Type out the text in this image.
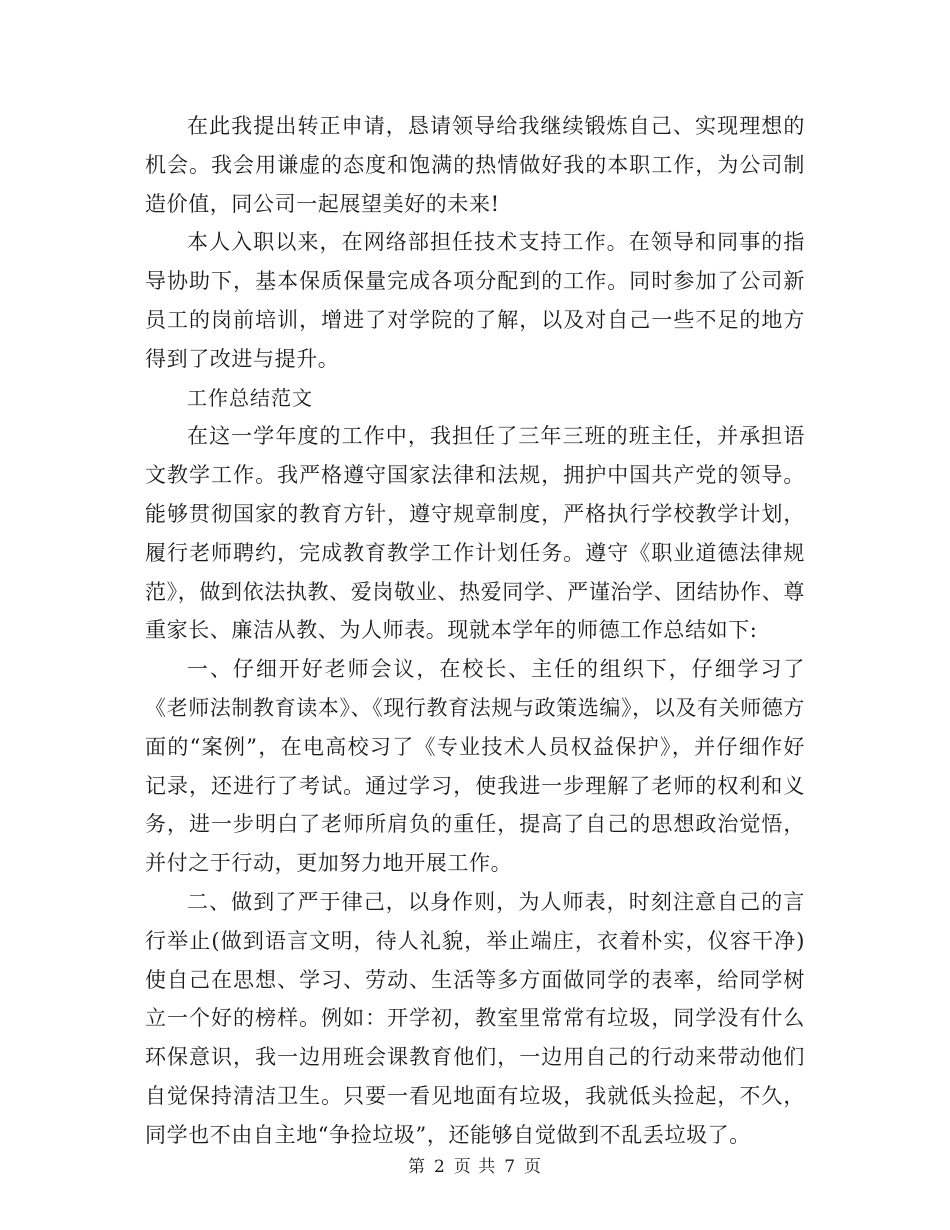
在此我提出转正申请，恳请领导给我继续锻炼自己、实现理想的机会。我会用谦虚的态度和饱满的热情做好我的本职工作，为公司制造价值，同公司一起展望美好的未来!

本人入职以来，在网络部担任技术支持工作。在领导和同事的指导协助下，基本保质保量完成各项分配到的工作。同时参加了公司新员工的岗前培训，增进了对学院的了解，以及对自己一些不足的地方得到了改进与提升。

工作总结范文

在这一学年度的工作中，我担任了三年三班的班主任，并承担语文教学工作。我严格遵守国家法律和法规，拥护中国共产党的领导。能够贯彻国家的教育方针，遵守规章制度，严格执行学校教学计划，履行老师聘约，完成教育教学工作计划任务。遵守《职业道德法律规范》，做到依法执教、爱岗敬业、热爱同学、严谨治学、团结协作、尊重家长、廉洁从教、为人师表。现就本学年的师德工作总结如下:

一、仔细开好老师会议，在校长、主任的组织下，仔细学习了《老师法制教育读本》、《现行教育法规与政策选编》，以及有关师德方面的“案例”，在电高校习了《专业技术人员权益保护》，并仔细作好记录，还进行了考试。通过学习，使我进一步理解了老师的权利和义务，进一步明白了老师所肩负的重任，提高了自己的思想政治觉悟，并付之于行动，更加努力地开展工作。

二、做到了严于律己，以身作则，为人师表，时刻注意自己的言行举止(做到语言文明，待人礼貌，举止端庄，衣着朴实，仪容干净)使自己在思想、学习、劳动、生活等多方面做同学的表率，给同学树立一个好的榜样。例如：开学初，教室里常常有垃圾，同学没有什么环保意识，我一边用班会课教育他们，一边用自己的行动来带动他们自觉保持清洁卫生。只要一看见地面有垃圾，我就低头捡起，不久，同学也不由自主地“争捡垃圾”，还能够自觉做到不乱丢垃圾了。

第 2 页 共 7 页
